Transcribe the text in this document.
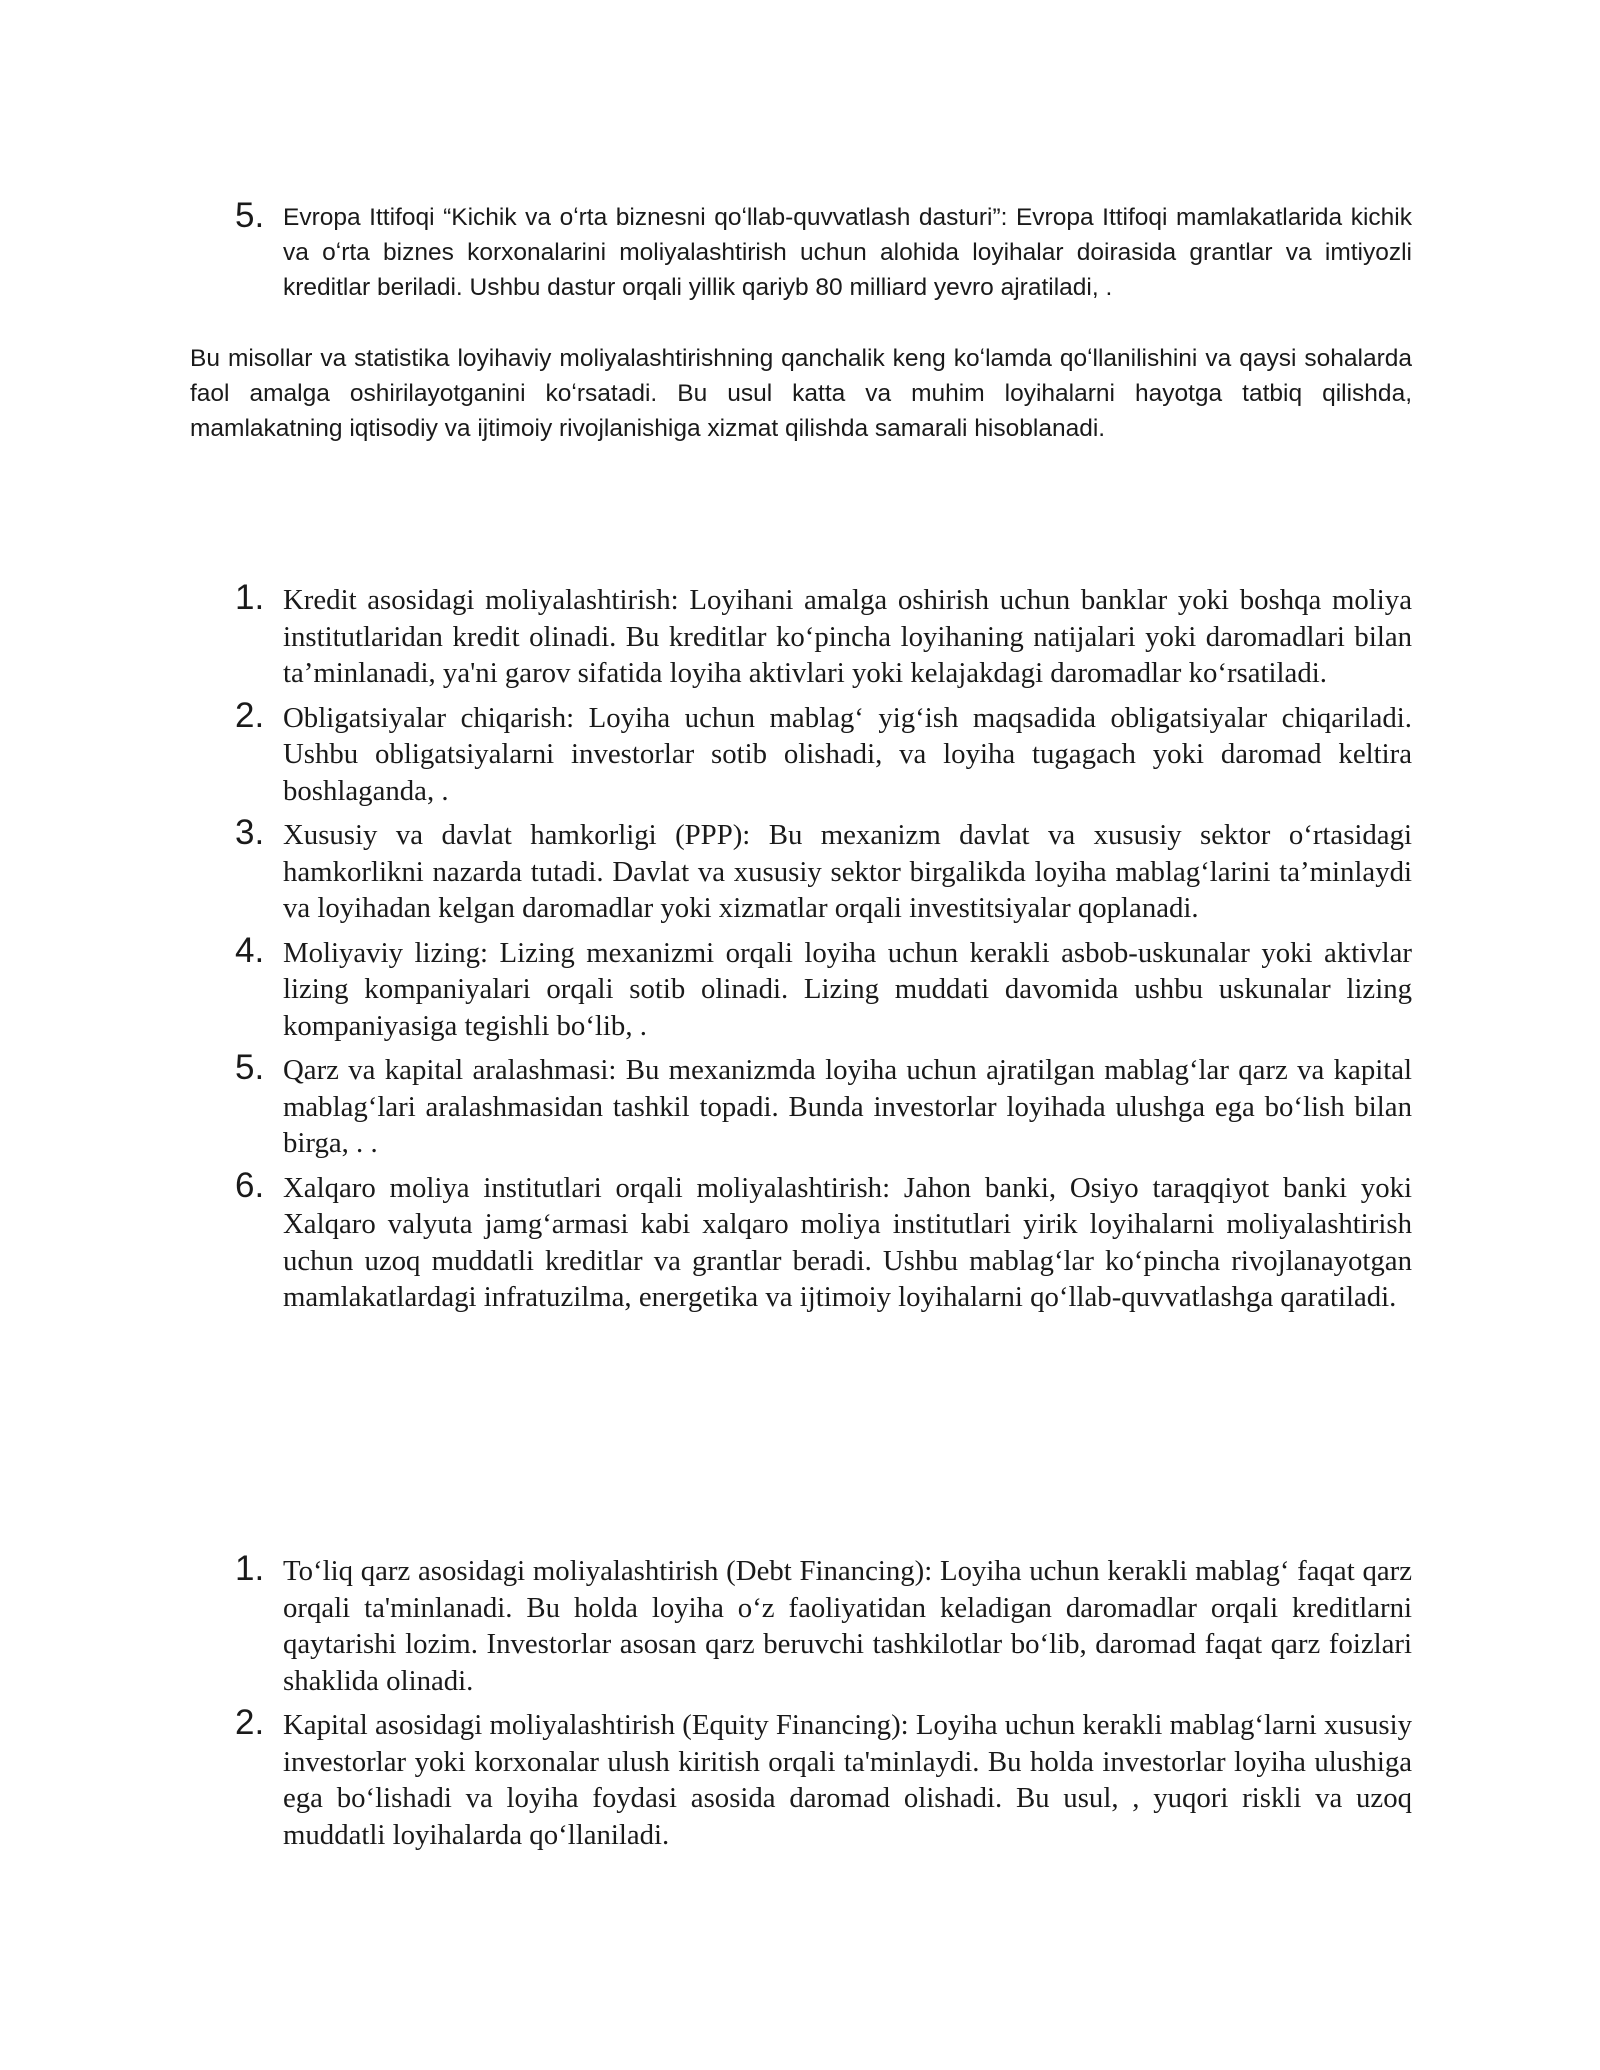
5. Evropa Ittifoqi “Kichik va oʻrta biznesni qoʻllab-quvvatlash dasturi”: Evropa Ittifoqi mamlakatlarida kichik va oʻrta biznes korxonalarini moliyalashtirish uchun alohida loyihalar doirasida grantlar va imtiyozli kreditlar beriladi. Ushbu dastur orqali yillik qariyb 80 milliard yevro ajratiladi, .
Bu misollar va statistika loyihaviy moliyalashtirishning qanchalik keng koʻlamda qoʻllanilishini va qaysi sohalarda faol amalga oshirilayotganini koʻrsatadi. Bu usul katta va muhim loyihalarni hayotga tatbiq qilishda, mamlakatning iqtisodiy va ijtimoiy rivojlanishiga xizmat qilishda samarali hisoblanadi.
1. Kredit asosidagi moliyalashtirish: Loyihani amalga oshirish uchun banklar yoki boshqa moliya institutlaridan kredit olinadi. Bu kreditlar koʻpincha loyihaning natijalari yoki daromadlari bilan ta’minlanadi, ya'ni garov sifatida loyiha aktivlari yoki kelajakdagi daromadlar koʻrsatiladi.
2. Obligatsiyalar chiqarish: Loyiha uchun mablagʻ yigʻish maqsadida obligatsiyalar chiqariladi. Ushbu obligatsiyalarni investorlar sotib olishadi, va loyiha tugagach yoki daromad keltira boshlaganda, .
3. Xususiy va davlat hamkorligi (PPP): Bu mexanizm davlat va xususiy sektor oʻrtasidagi hamkorlikni nazarda tutadi. Davlat va xususiy sektor birgalikda loyiha mablagʻlarini ta’minlaydi va loyihadan kelgan daromadlar yoki xizmatlar orqali investitsiyalar qoplanadi.
4. Moliyaviy lizing: Lizing mexanizmi orqali loyiha uchun kerakli asbob-uskunalar yoki aktivlar lizing kompaniyalari orqali sotib olinadi. Lizing muddati davomida ushbu uskunalar lizing kompaniyasiga tegishli boʻlib, .
5. Qarz va kapital aralashmasi: Bu mexanizmda loyiha uchun ajratilgan mablagʻlar qarz va kapital mablagʻlari aralashmasidan tashkil topadi. Bunda investorlar loyihada ulushga ega boʻlish bilan birga, . .
6. Xalqaro moliya institutlari orqali moliyalashtirish: Jahon banki, Osiyo taraqqiyot banki yoki Xalqaro valyuta jamgʻarmasi kabi xalqaro moliya institutlari yirik loyihalarni moliyalashtirish uchun uzoq muddatli kreditlar va grantlar beradi. Ushbu mablagʻlar koʻpincha rivojlanayotgan mamlakatlardagi infratuzilma, energetika va ijtimoiy loyihalarni qoʻllab-quvvatlashga qaratiladi.
1. Toʻliq qarz asosidagi moliyalashtirish (Debt Financing): Loyiha uchun kerakli mablagʻ faqat qarz orqali ta'minlanadi. Bu holda loyiha oʻz faoliyatidan keladigan daromadlar orqali kreditlarni qaytarishi lozim. Investorlar asosan qarz beruvchi tashkilotlar boʻlib, daromad faqat qarz foizlari shaklida olinadi.
2. Kapital asosidagi moliyalashtirish (Equity Financing): Loyiha uchun kerakli mablagʻlarni xususiy investorlar yoki korxonalar ulush kiritish orqali ta'minlaydi. Bu holda investorlar loyiha ulushiga ega boʻlishadi va loyiha foydasi asosida daromad olishadi. Bu usul, , yuqori riskli va uzoq muddatli loyihalarda qoʻllaniladi.
